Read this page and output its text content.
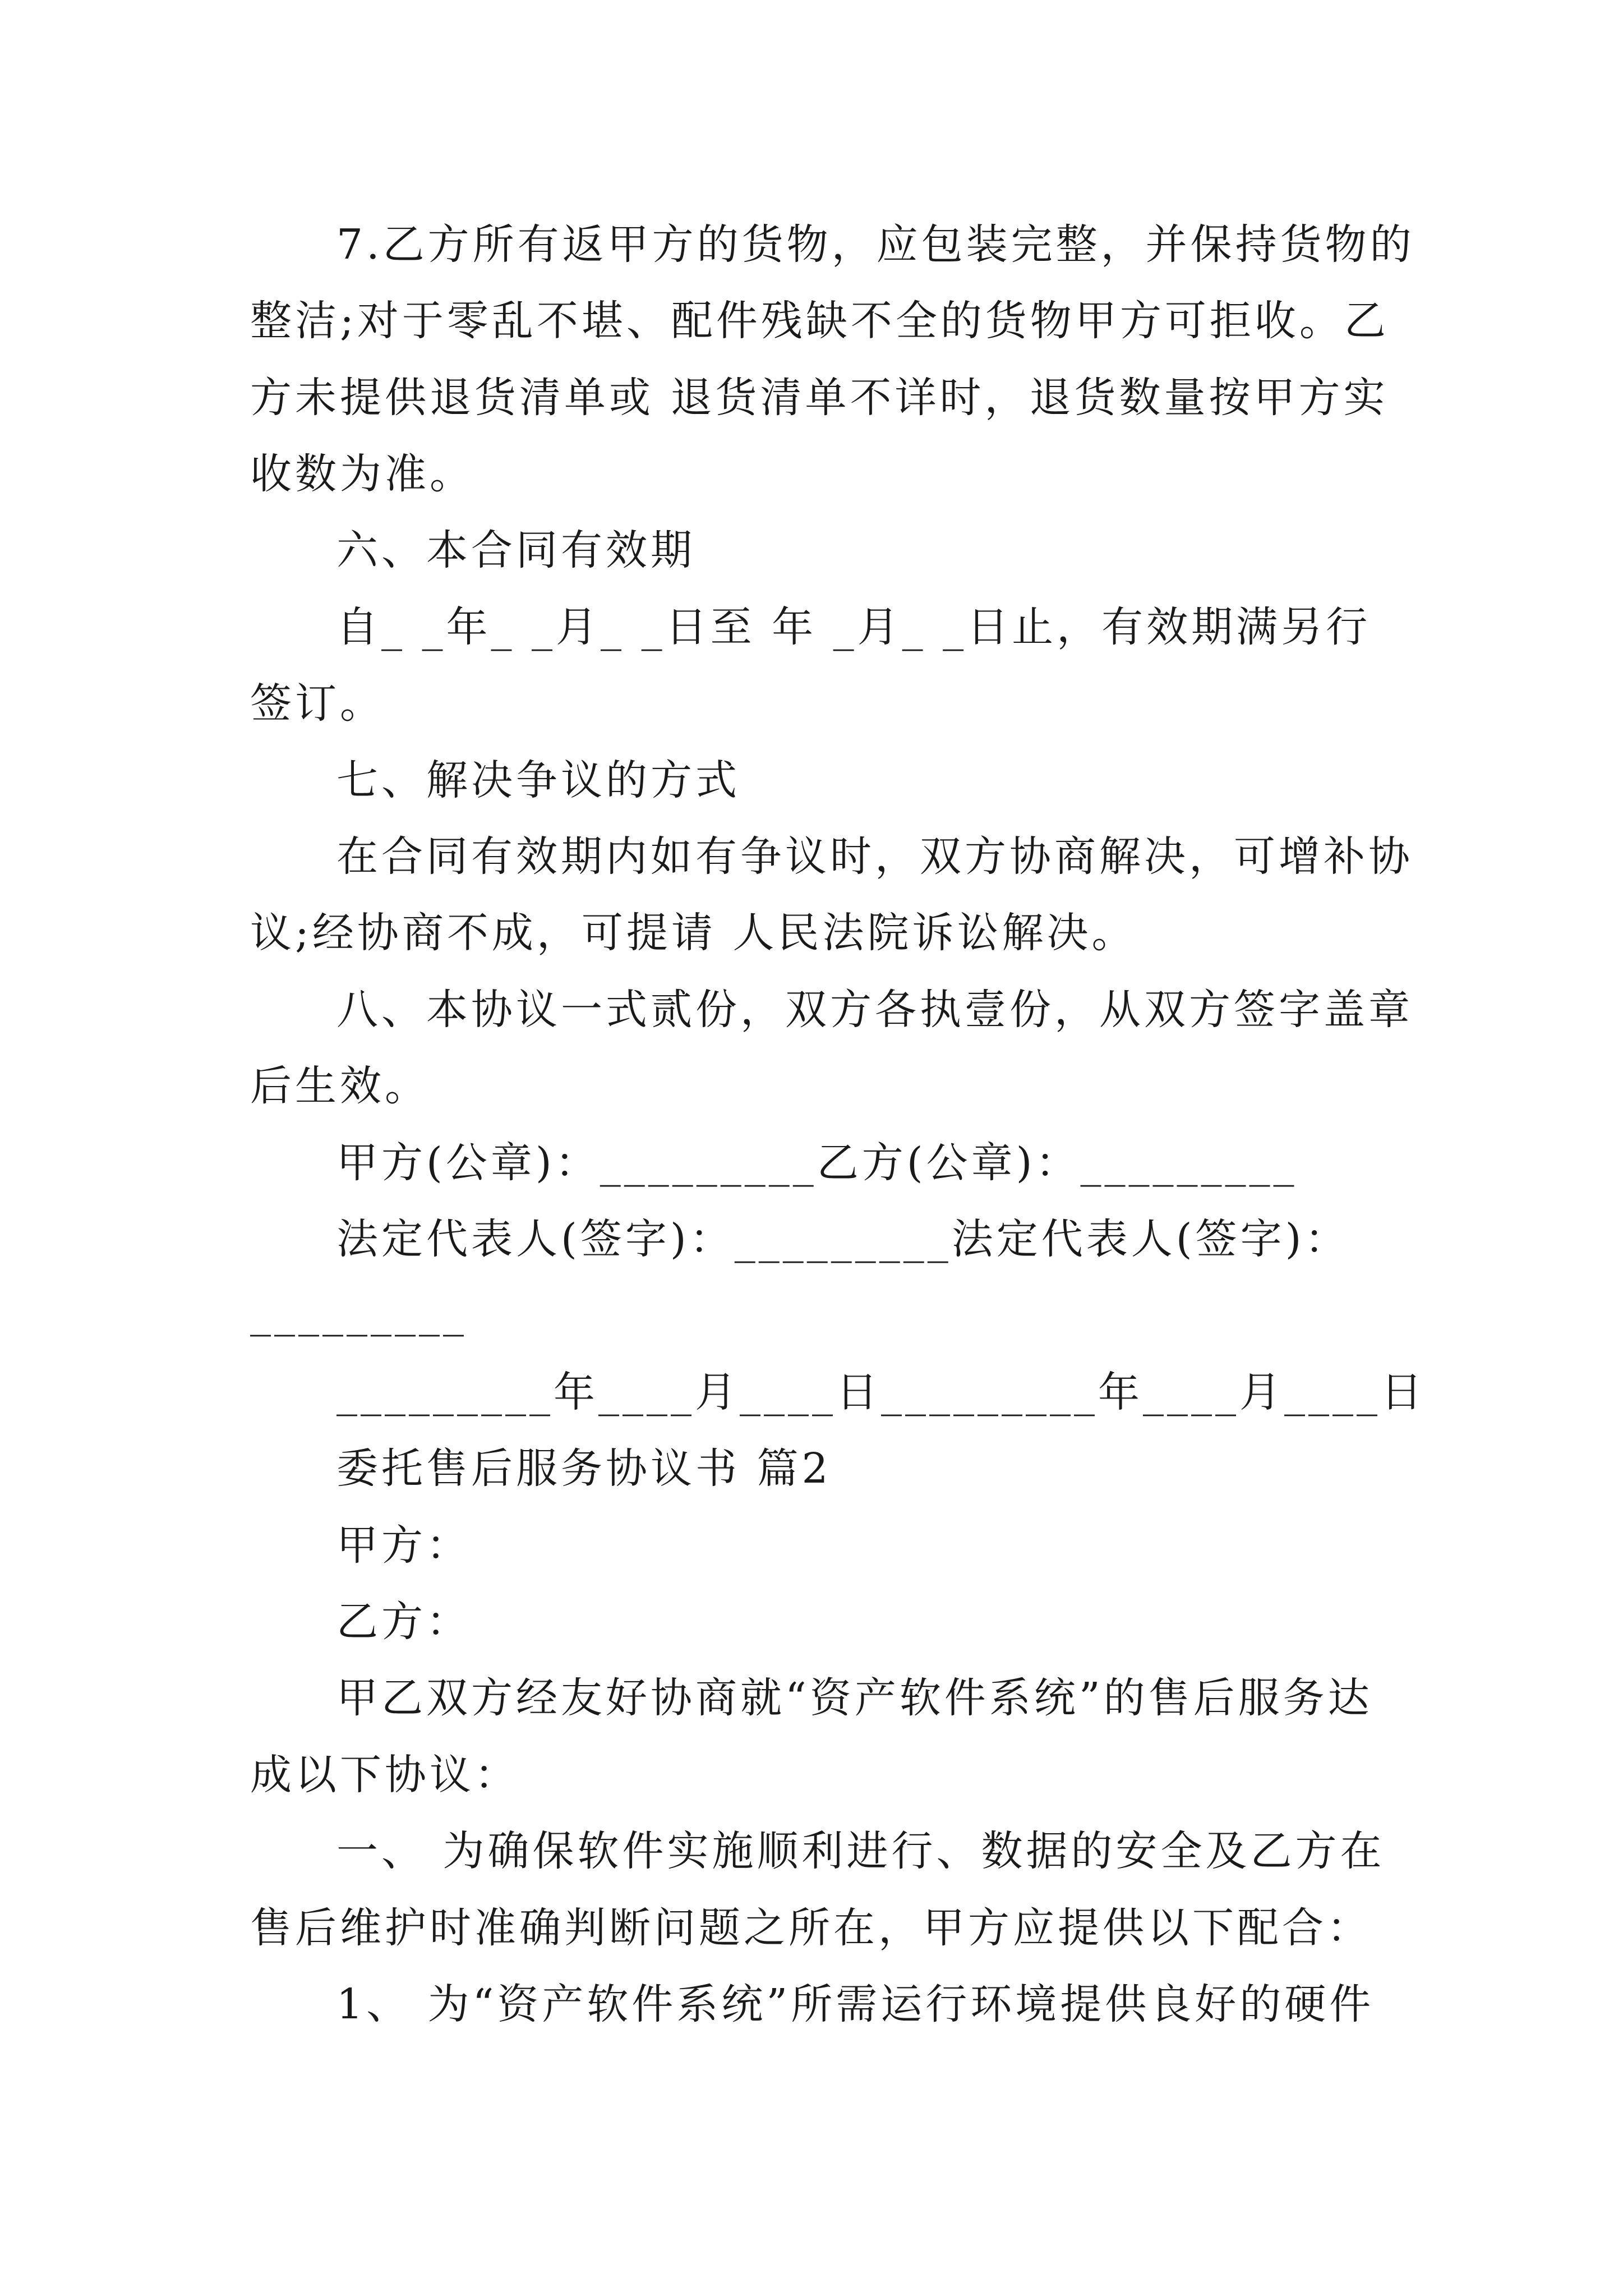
7.乙方所有返甲方的货物，应包装完整，并保持货物的
整洁;对于零乱不堪、配件残缺不全的货物甲方可拒收。乙
方未提供退货清单或 退货清单不详时，退货数量按甲方实
收数为准。
六、本合同有效期
自_ _年_ _月_ _日至 年 _月_ _日止，有效期满另行
签订。
七、解决争议的方式
在合同有效期内如有争议时，双方协商解决，可增补协
议;经协商不成，可提请 人民法院诉讼解决。
八、本协议一式贰份，双方各执壹份，从双方签字盖章
后生效。
甲方(公章)：_________乙方(公章)：_________
法定代表人(签字)：_________法定代表人(签字)：
_________
_________年____月____日_________年____月____日
委托售后服务协议书 篇2
甲方：
乙方：
甲乙双方经友好协商就“资产软件系统”的售后服务达
成以下协议：
一、 为确保软件实施顺利进行、数据的安全及乙方在
售后维护时准确判断问题之所在，甲方应提供以下配合：
1、 为“资产软件系统”所需运行环境提供良好的硬件
